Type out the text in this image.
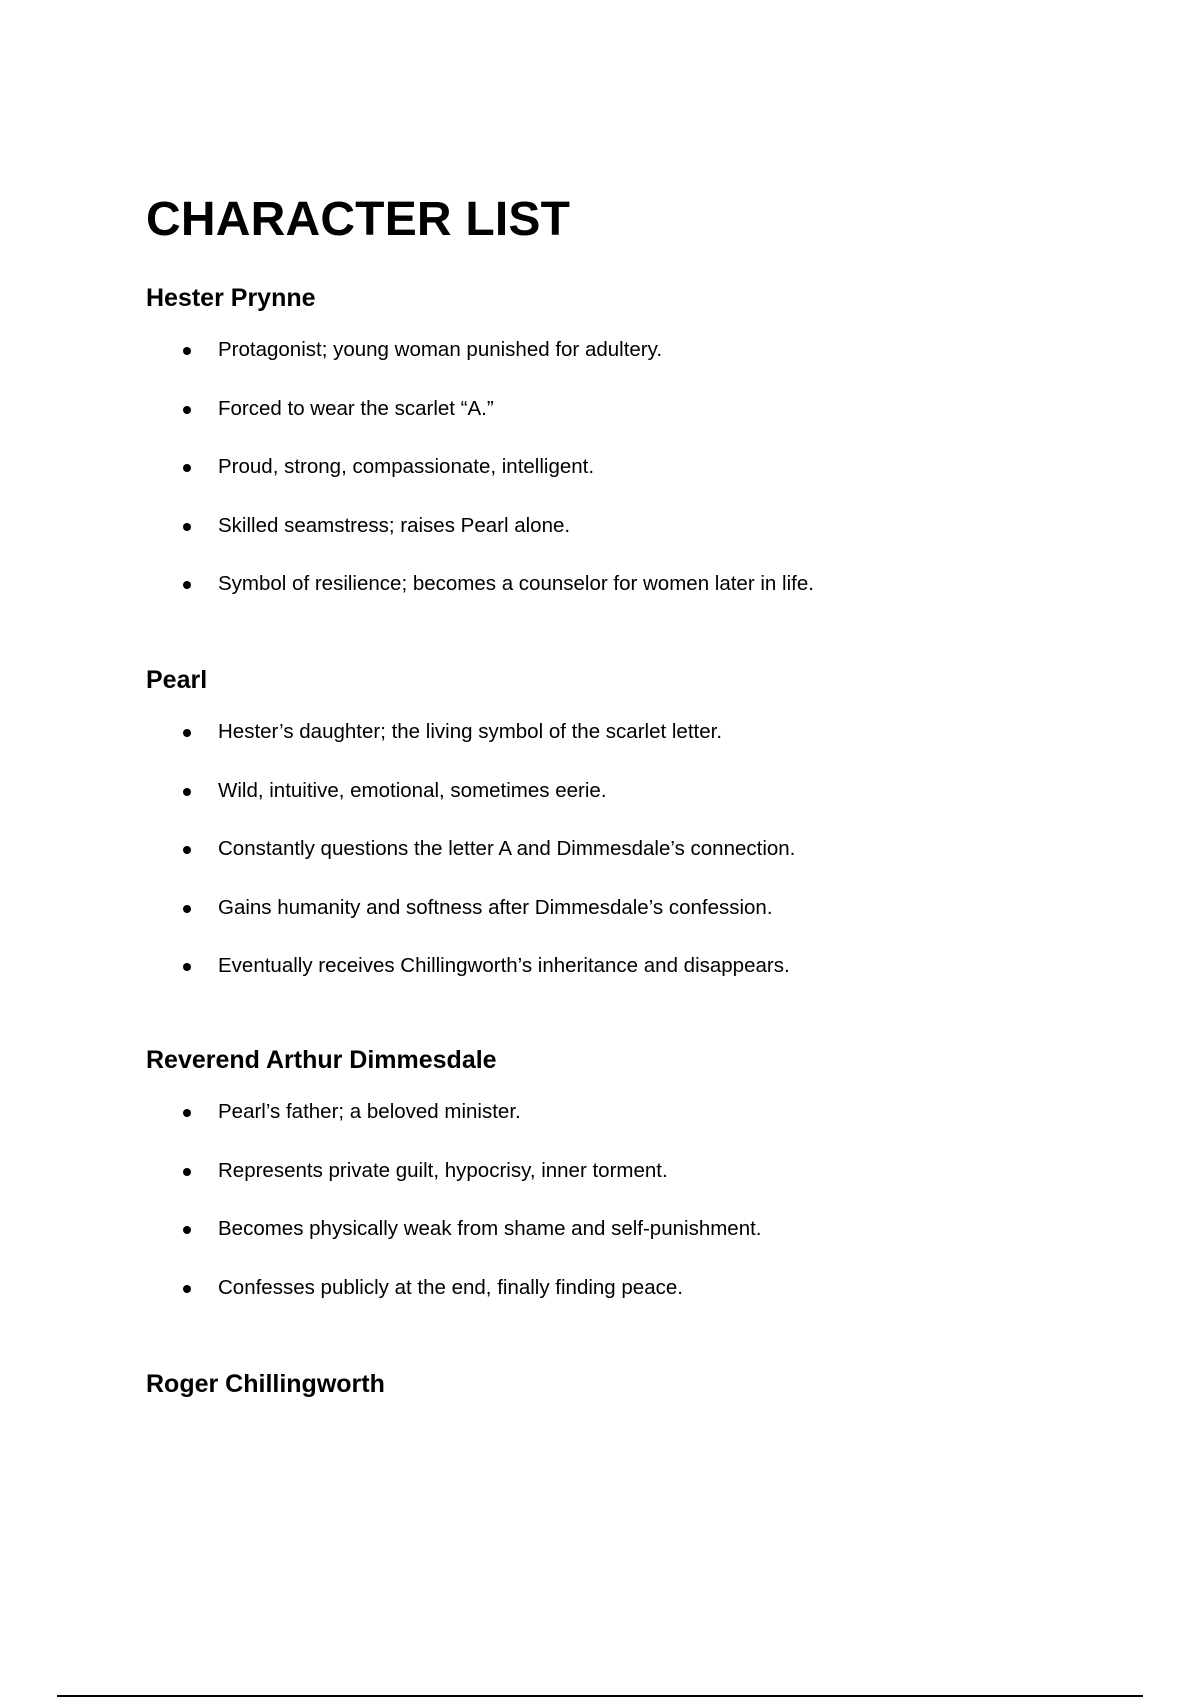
CHARACTER LIST
Hester Prynne
Protagonist; young woman punished for adultery.
Forced to wear the scarlet “A.”
Proud, strong, compassionate, intelligent.
Skilled seamstress; raises Pearl alone.
Symbol of resilience; becomes a counselor for women later in life.
Pearl
Hester’s daughter; the living symbol of the scarlet letter.
Wild, intuitive, emotional, sometimes eerie.
Constantly questions the letter A and Dimmesdale’s connection.
Gains humanity and softness after Dimmesdale’s confession.
Eventually receives Chillingworth’s inheritance and disappears.
Reverend Arthur Dimmesdale
Pearl’s father; a beloved minister.
Represents private guilt, hypocrisy, inner torment.
Becomes physically weak from shame and self-punishment.
Confesses publicly at the end, finally finding peace.
Roger Chillingworth
